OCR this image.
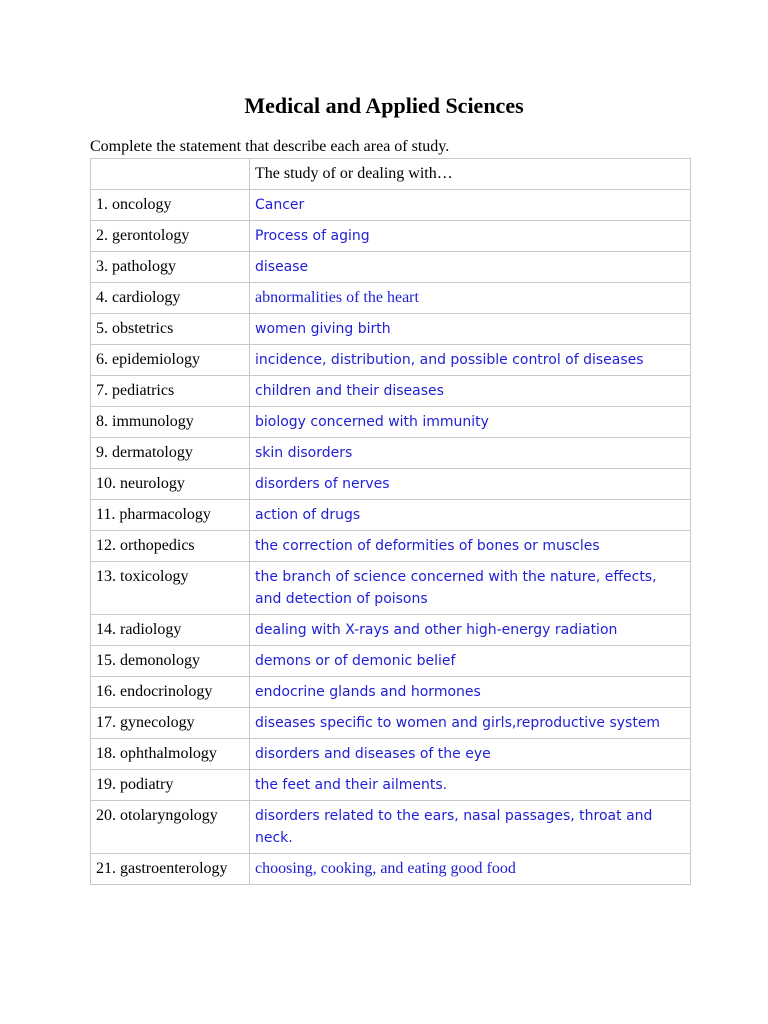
Medical and Applied Sciences
Complete the statement that describe each area of study.
	The study of or dealing with…
1. oncology	Cancer
2. gerontology	Process of aging
3. pathology	disease
4. cardiology	abnormalities of the heart
5. obstetrics	women giving birth
6. epidemiology	incidence, distribution, and possible control of diseases
7. pediatrics	children and their diseases
8. immunology	biology concerned with immunity
9. dermatology	skin disorders
10. neurology	disorders of nerves
11. pharmacology	action of drugs
12. orthopedics	the correction of deformities of bones or muscles
13. toxicology	the branch of science concerned with the nature, effects, and detection of poisons
14. radiology	dealing with X-rays and other high-energy radiation
15. demonology	demons or of demonic belief
16. endocrinology	endocrine glands and hormones
17. gynecology	diseases specific to women and girls,reproductive system
18. ophthalmology	disorders and diseases of the eye
19. podiatry	the feet and their ailments.
20. otolaryngology	disorders related to the ears, nasal passages, throat and neck.
21. gastroenterology	choosing, cooking, and eating good food
